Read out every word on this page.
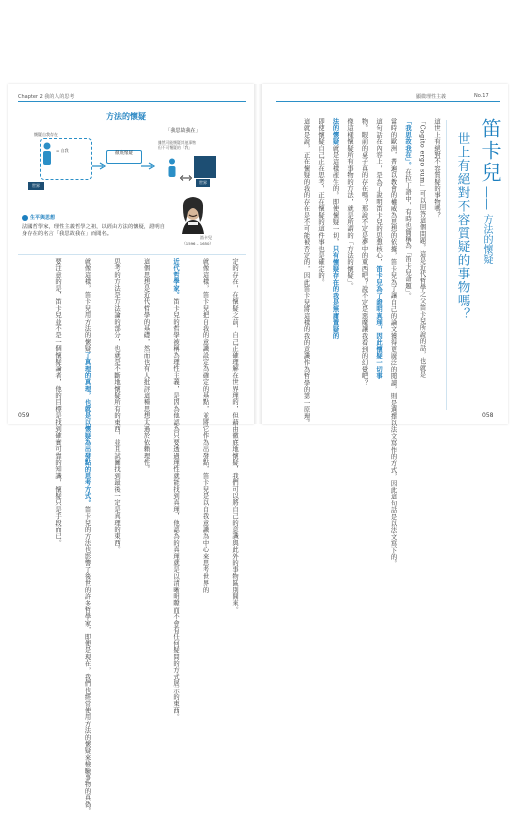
Chapter 2 我的人的思考
方法的懷疑
懷疑自我存在
= 自我
世界
徹底懷疑
「我思故我在」
雖然可能懷疑其他事物
但不可懷疑的「我」
世界
笛卡兒
（1596 – 1650）
生平與思想
法國哲學家，理性主義哲學之祖，以經由方法的懷疑，證明自身存在的名言「我思故我在」而聞名。
定的存在，在懷疑之前，自己正確理解在世界理的，但藉由徹底地懷疑，我們可以將自己的意識與此外的事物區別開來。
就像這樣，笛卡兒把自我的意識設定為確定的基點，並將它作為出發點，笛卡兒是以自我意識為中心來思考世界的
近代哲學家。笛卡兒的哲學被稱為理性主義，是因為他認為只要透過理性就能找到真理，他認為的真理就是以清晰明瞭而不會有任何疑問的方式展示的東西。
這個思想是近代哲學的基礎，然而也有人批評這種思想太過於依賴理性。
思考的方法是方法論的部分，也就是不斷地懷疑所有的東西，並且試圖找到最後一定是真理的東西。
就像這樣，笛卡兒用方法的懷疑了真理的真理，也就是以懷疑為出發點的思考方式。笛卡兒的方法也影響了後世的許多哲學家，即便是現在，我們也經常使用方法的懷疑來檢驗事物的真偽。
要注意的是，笛卡兒並不是一個懷疑論者，他的目標是找到確實可靠的知識，懷疑只是手段而已。
059
顯微理性主義	No.17
笛卡兒
——
方法的懷疑
世上有絕對不容質疑的事物嗎？
這世上有絕對不容質疑的事物嗎？
「Cogito ergo sum」可以回答這個問題。這是近代哲學之父笛卡兒所說的話，也就是
「我思故我在」。在拉丁語中，有時也簡稱為「笛卡兒命題」。
當時的歐洲，普遍以教會的權威為思想的依據，笛卡兒為了讓自己的論文獲得更廣泛的閱讀，則是選擇以法文寫作的方式，因此這句話是以法文寫下的。
這句話在內容上，是為了說明笛卡兒的思想核心，笛卡兒為了證明真理，因此懷疑一切事
物。眼前的桌子真的存在嗎？那說不定是夢中的東西吧？說不定是惡魔讓我看到的幻覺吧？
像這樣懷疑所有事物的方法，就是所謂的「方法的懷疑」。
法的懷疑就是這樣產生的。即使懷疑一切，只有懷疑存在的我是無庸置疑的
即使懷疑自己正在思考，正在懷疑的這件事也是確定的。
這就是說，正在懷疑的我的存在是不可能被否定的，因此笛卡兒將這樣的我的意識作為哲學的第一原理。	058
